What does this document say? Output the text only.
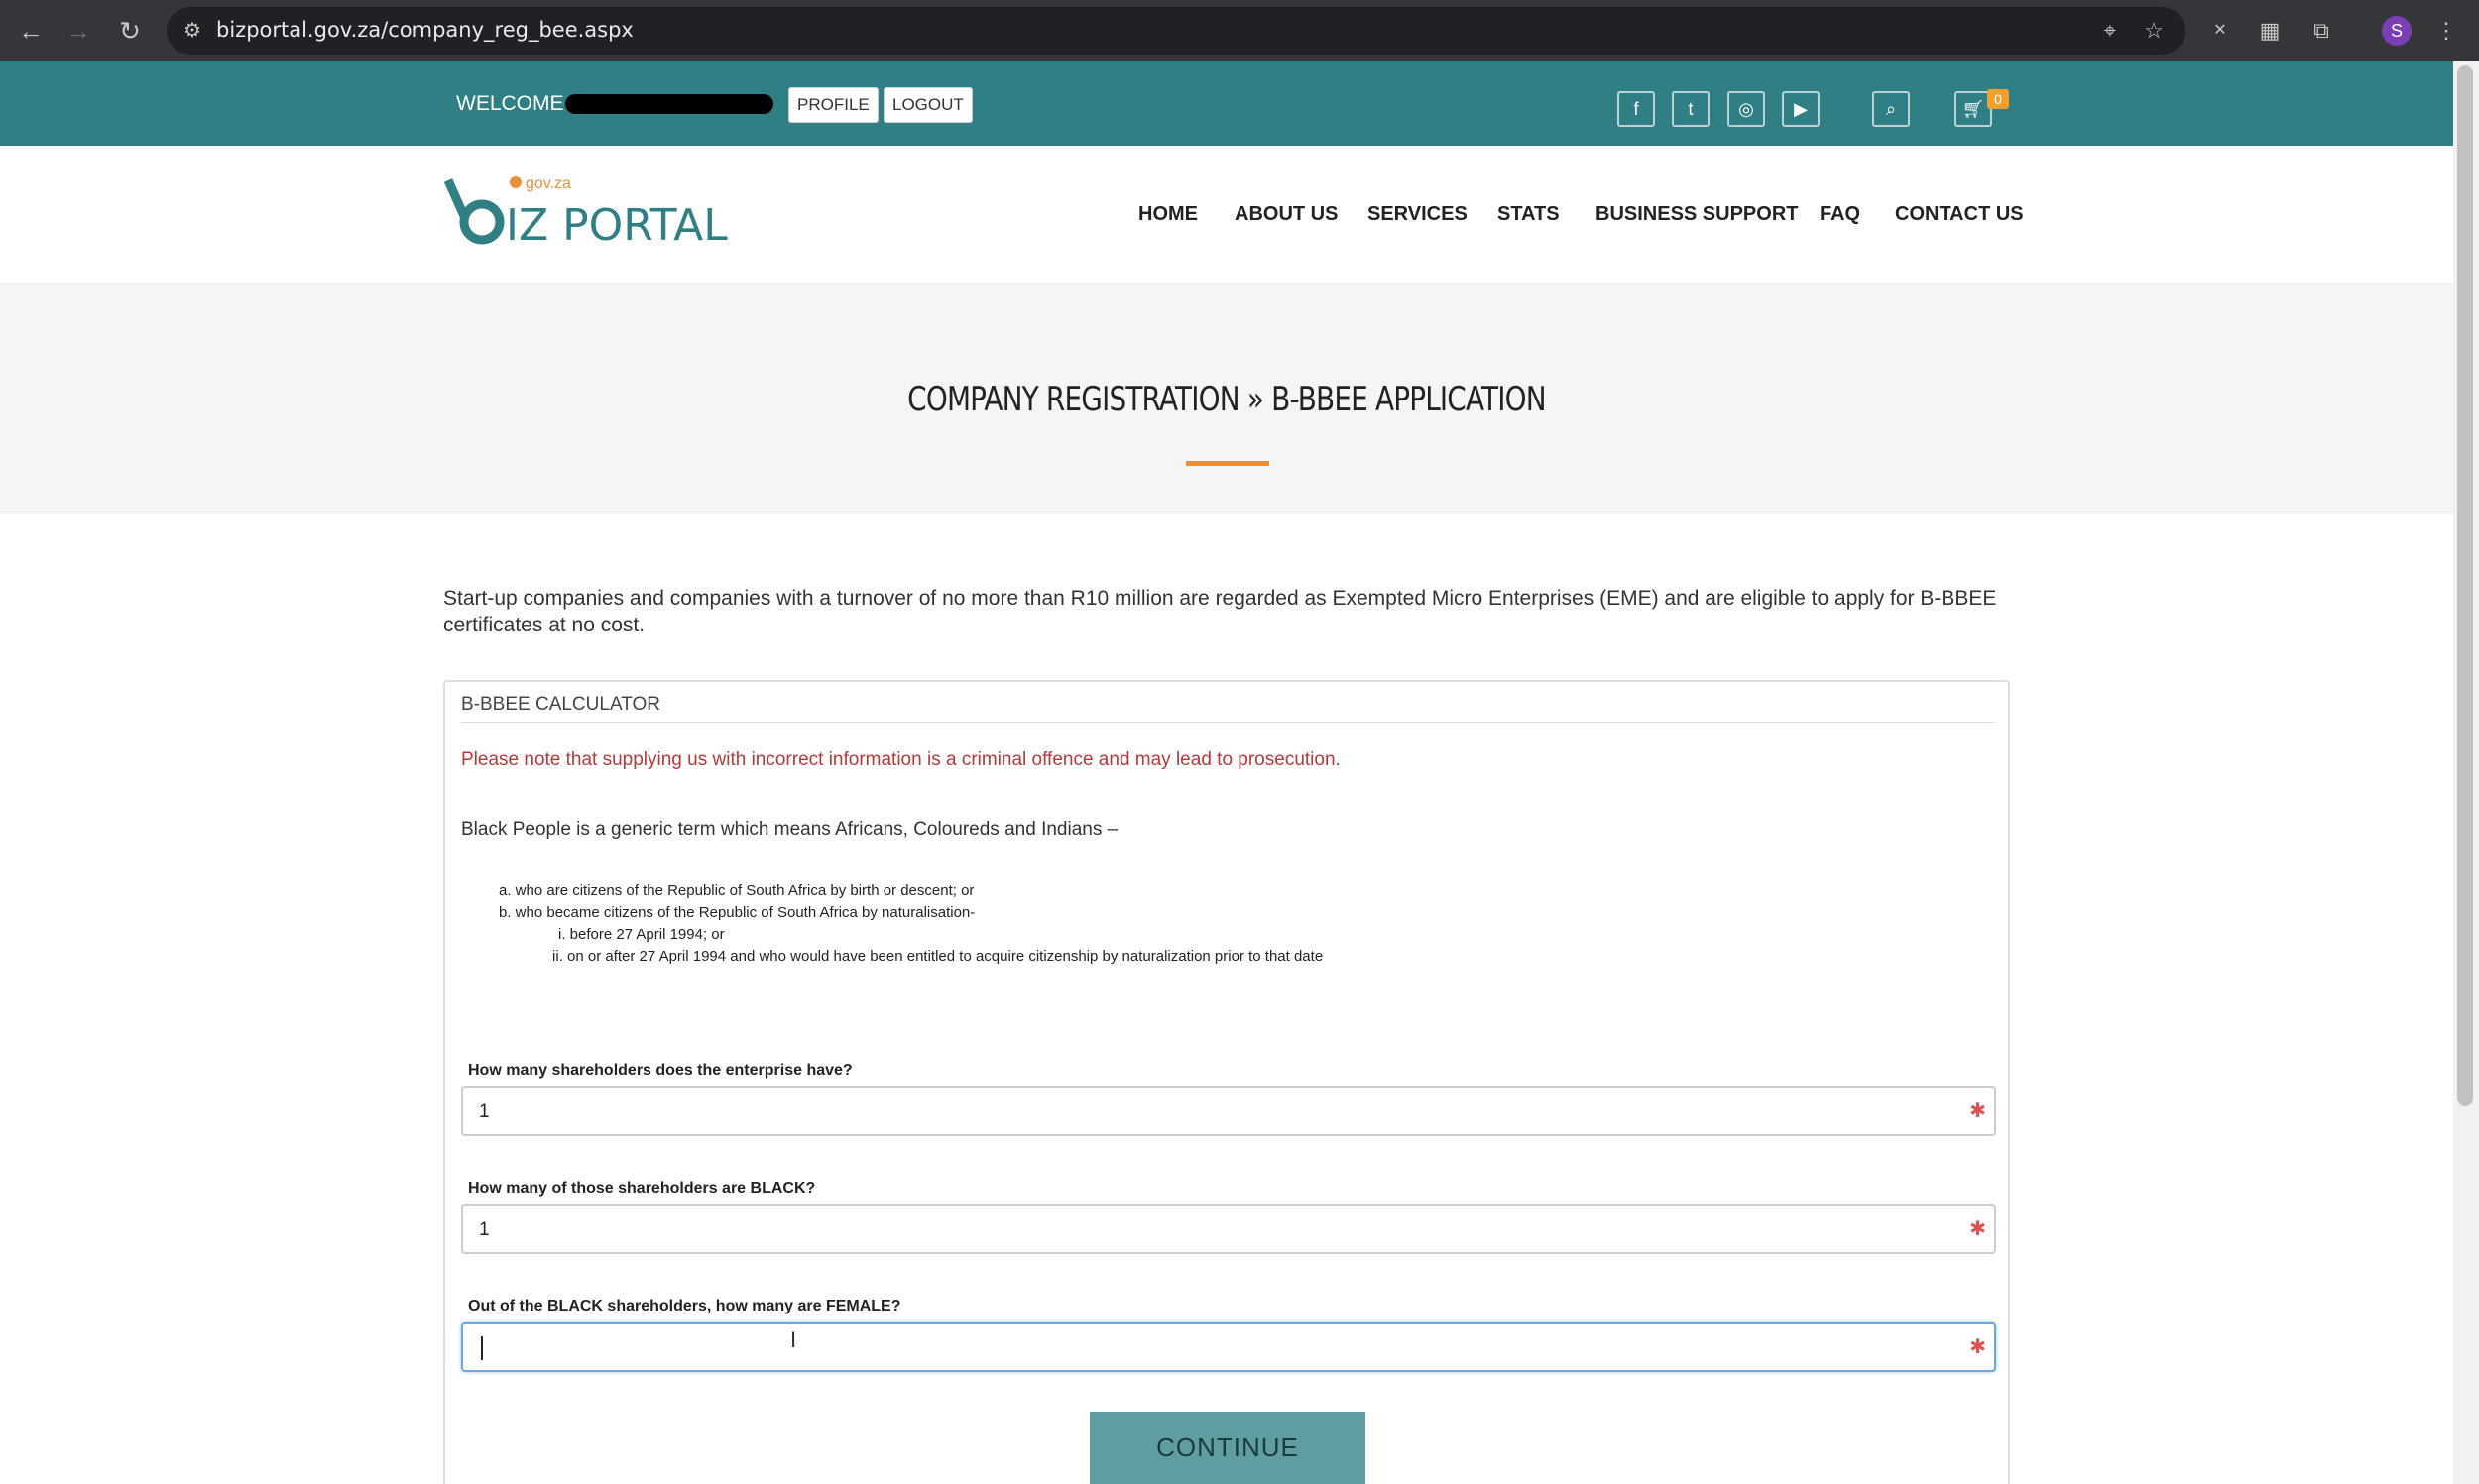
← → ↻	⚙ bizportal.gov.za/company_reg_bee.aspx	⌖	☆	✕	▦	⧉	S	⋮
WELCOME	PROFILE	LOGOUT	f	t	◎	▶	⌕	🛒︎ 0
gov.za
IZ PORTAL	HOME ABOUT US SERVICES STATS BUSINESS SUPPORT FAQ CONTACT US
COMPANY REGISTRATION » B-BBEE APPLICATION
Start-up companies and companies with a turnover of no more than R10 million are regarded as Exempted Micro Enterprises (EME) and are eligible to apply for B-BBEE certificates at no cost.
B-BBEE CALCULATOR
Please note that supplying us with incorrect information is a criminal offence and may lead to prosecution.
Black People is a generic term which means Africans, Coloureds and Indians –
a. who are citizens of the Republic of South Africa by birth or descent; or
b. who became citizens of the Republic of South Africa by naturalisation-
i. before 27 April 1994; or
ii. on or after 27 April 1994 and who would have been entitled to acquire citizenship by naturalization prior to that date
How many shareholders does the enterprise have?
1
✱
How many of those shareholders are BLACK?
1
✱
Out of the BLACK shareholders, how many are FEMALE?
✱
I
CONTINUE
